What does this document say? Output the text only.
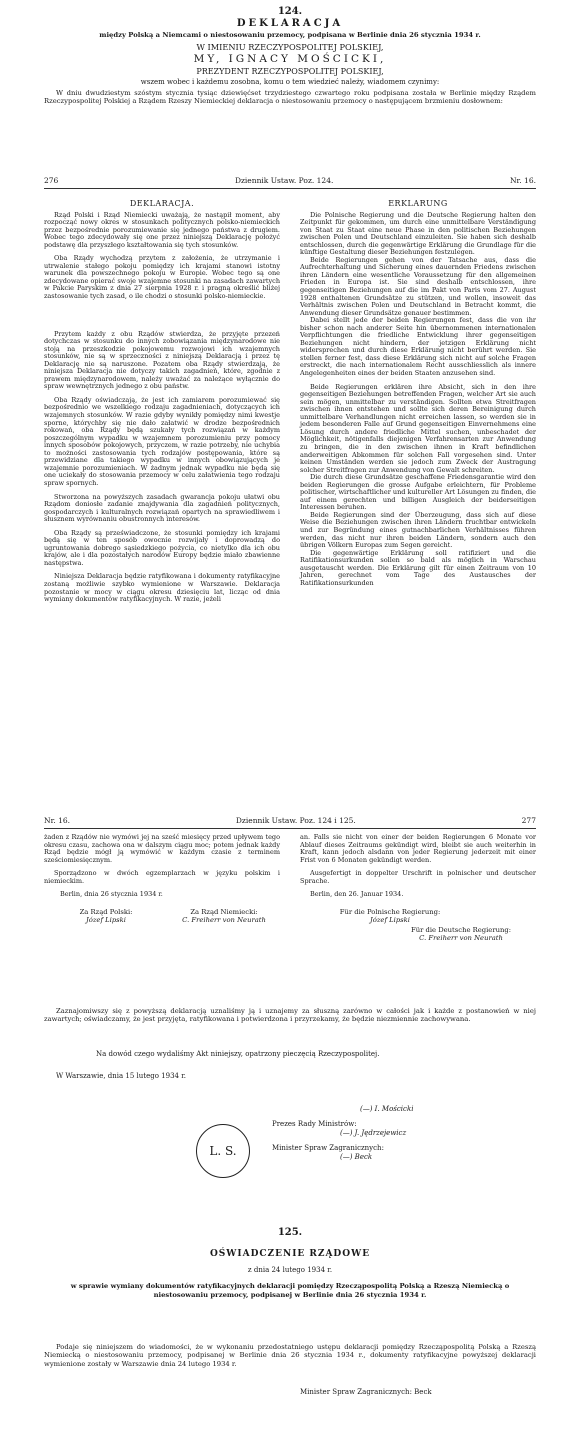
124.
DEKLARACJA
między Polską a Niemcami o niestosowaniu przemocy, podpisana w Berlinie dnia 26 stycznia 1934 r.
W IMIENIU RZECZYPOSPOLITEJ POLSKIEJ,
MY, IGNACY MOŚCICKI,
PREZYDENT RZECZYPOSPOLITEJ POLSKIEJ,
wszem wobec i każdemu zosobna, komu o tem wiedzieć należy, wiadomem czynimy:

W dniu dwudziestym szóstym stycznia tysiąc dziewięćset trzydziestego czwartego roku podpisana została w Berlinie między Rządem Rzeczypospolitej Polskiej a Rządem Rzeszy Niemieckiej deklaracja o niestosowaniu przemocy o następującem brzmieniu dosłownem:

276	Dziennik Ustaw. Poz. 124.	Nr. 16.
DEKLARACJA.

Rząd Polski i Rząd Niemiecki uważają, że nastąpił moment, aby rozpocząć nowy okres w stosunkach politycznych polsko-niemieckich przez bezpośrednie porozumiewanie się jednego państwa z drugiem. Wobec tego zdecydowały się one przez niniejszą Deklarację położyć podstawę dla przyszłego kształtowania się tych stosunków.

Oba Rządy wychodzą przytem z założenia, że utrzymanie i utrwalenie stałego pokoju pomiędzy ich krajami stanowi istotny warunek dla powszechnego pokoju w Europie. Wobec tego są one zdecydowane opierać swoje wzajemne stosunki na zasadach zawartych w Pakcie Paryskim z dnia 27 sierpnia 1928 r. i pragną określić bliżej zastosowanie tych zasad, o ile chodzi o stosunki polsko-niemieckie.

Przytem każdy z obu Rządów stwierdza, że przyjęte przezeń dotychczas w stosunku do innych zobowiązania międzynarodowe nie stoją na przeszkodzie pokojowemu rozwojowi ich wzajemnych stosunków, nie są w sprzeczności z niniejszą Deklaracją i przez tę Deklarację nie są naruszone. Pozatem oba Rządy stwierdzają, że niniejsza Deklaracja nie dotyczy takich zagadnień, które, zgodnie z prawem międzynarodowem, należy uważać za należące wyłącznie do spraw wewnętrznych jednego z obu państw.

Oba Rządy oświadczają, że jest ich zamiarem porozumiewać się bezpośrednio we wszelkiego rodzaju zagadnieniach, dotyczących ich wzajemnych stosunków. W razie gdyby wynikły pomiędzy nimi kwestje sporne, którychby się nie dało załatwić w drodze bezpośrednich rokowań, oba Rządy będą szukały tych rozwiązań w każdym poszczególnym wypadku w wzajemnem porozumieniu przy pomocy innych sposobów pokojowych, przyczem, w razie potrzeby, nie uchybia to możności zastosowania tych rodzajów postępowania, które są przewidziane dla takiego wypadku w innych obowiązujących je wzajemnie porozumieniach. W żadnym jednak wypadku nie będą się one uciekały do stosowania przemocy w celu załatwienia tego rodzaju spraw spornych.

Stworzona na powyższych zasadach gwarancja pokoju ułatwi obu Rządom doniosłe zadanie znajdywania dla zagadnień politycznych, gospodarczych i kulturalnych rozwiązań opartych na sprawiedliwem i słusznem wyrównaniu obustronnych interesów.

Oba Rządy są przeświadczone, że stosunki pomiędzy ich krajami będą się w ten sposób owocnie rozwijały i doprowadzą do ugruntowania dobrego sąsiedzkiego pożycia, co nietylko dla ich obu krajów, ale i dla pozostałych narodów Europy będzie miało zbawienne następstwa.

Niniejsza Deklaracja będzie ratyfikowana i dokumenty ratyfikacyjne zostaną możliwie szybko wymienione w Warszawie. Deklaracja pozostanie w mocy w ciągu okresu dziesięciu lat, licząc od dnia wymiany dokumentów ratyfikacyjnych. W razie, jeżeli

ERKLARUNG

Die Polnische Regierung und die Deutsche Regierung halten den Zeitpunkt für gekommen, um durch eine unmittelbare Verständigung von Staat zu Staat eine neue Phase in den politischen Beziehungen zwischen Polen und Deutschland einzuleiten. Sie haben sich deshalb entschlossen, durch die gegenwärtige Erklärung die Grundlage für die künftige Gestaltung dieser Beziehungen festzulegen.

Beide Regierungen gehen von der Tatsache aus, dass die Aufrechterhaltung und Sicherung eines dauernden Friedens zwischen ihren Ländern eine wesentliche Voraussetzung für den allgemeinen Frieden in Europa ist. Sie sind deshalb entschlossen, ihre gegenseitigen Beziehungen auf die im Pakt von Paris vom 27. August 1928 enthaltenen Grundsätze zu stützen, und wollen, insoweit das Verhältnis zwischen Polen und Deutschland in Betracht kommt, die Anwendung dieser Grundsätze genauer bestimmen.

Dabei stellt jede der beiden Regierungen fest, dass die von ihr bisher schon nach anderer Seite hin übernommenen internationalen Verpflichtungen die friedliche Entwicklung ihrer gegenseitigen Beziehungen nicht hindern, der jetzigen Erklärung nicht widersprechen und durch diese Erklärung nicht berührt werden. Sie stellen ferner fest, dass diese Erklärung sich nicht auf solche Fragen erstreckt, die nach internationalem Recht ausschliesslich als innere Angelegenheiten eines der beiden Staaten anzusehen sind.

Beide Regierungen erklären ihre Absicht, sich in den ihre gegenseitigen Beziehungen betreffenden Fragen, welcher Art sie auch sein mögen, unmittelbar zu verständigen. Sollten etwa Streitfragen zwischen ihnen entstehen und sollte sich deren Bereinigung durch unmittelbare Verhandlungen nicht erreichen lassen, so werden sie in jedem besonderen Falle auf Grund gegenseitigen Einvernehmens eine Lösung durch andere friedliche Mittel suchen, unbeschadet der Möglichkeit, nötigenfalls diejenigen Verfahrensarten zur Anwendung zu bringen, die in den zwischen ihnen in Kraft befindlichen anderweitigen Abkommen für solchen Fall vorgesehen sind. Unter keinen Umständen werden sie jedoch zum Zweck der Austragung solcher Streitfragen zur Anwendung von Gewalt schreiten.

Die durch diese Grundsätze geschaffene Friedensgarantie wird den beiden Regierungen die grosse Aufgabe erleichtern, für Probleme politischer, wirtschaftlicher und kultureller Art Lösungen zu finden, die auf einem gerechten und billigen Ausgleich der beiderseitigen Interessen beruhen.

Beide Regierungen sind der Überzeugung, dass sich auf diese Weise die Beziehungen zwischen ihren Ländern fruchtbar entwickeln und zur Begründung eines gutnachbarlichen Verhältnisses führen werden, das nicht nur ihren beiden Ländern, sondern auch den übrigen Völkern Europas zum Segen gereicht.

Die gegenwärtige Erklärung soll ratifiziert und die Ratifikationsurkunden sollen so bald als möglich in Warschau ausgetauscht werden. Die Erklärung gilt für einen Zeitraum von 10 Jahren, gerechnet vom Tage des Austausches der Ratifikationsurkunden

Nr. 16.	Dziennik Ustaw. Poz. 124 i 125.	277

żaden z Rządów nie wymówi jej na sześć miesięcy przed upływem tego okresu czasu, zachowa ona w dalszym ciągu moc; potem jednak każdy Rząd będzie mógł ją wymówić w każdym czasie z terminem sześciomiesięcznym.

Sporządzono w dwóch egzemplarzach w języku polskim i niemieckim.

Berlin, dnia 26 stycznia 1934 r.

Za Rząd Polski:
Józef Lipski
Za Rząd Niemiecki:
C. Freiherr von Neurath

an. Falls sie nicht von einer der beiden Regierungen 6 Monate vor Ablauf dieses Zeitraums gekündigt wird, bleibt sie auch weiterhin in Kraft, kann jedoch alsdann von jeder Regierung jederzeit mit einer Frist von 6 Monaten gekündigt werden.

Ausgefertigt in doppelter Urschrift in polnischer und deutscher Sprache.

Berlin, den 26. Januar 1934.

Für die Polnische Regierung:
Józef Lipski
Für die Deutsche Regierung:
C. Freiherr von Neurath

Zaznajomiwszy się z powyższą deklaracją uznaliśmy ją i uznajemy za słuszną zarówno w całości jak i każde z postanowień w niej zawartych; oświadczamy, że jest przyjęta, ratyfikowana i potwierdzona i przyrzekamy, że będzie niezmiennie zachowywana.

Na dowód czego wydaliśmy Akt niniejszy, opatrzony pieczęcią Rzeczypospolitej.

W Warszawie, dnia 15 lutego 1934 r.

(—) I. Mościcki
L. S.
Prezes Rady Ministrów:
(—) J. Jędrzejewicz
Minister Spraw Zagranicznych:
(—) Beck
125.
OŚWIADCZENIE RZĄDOWE
z dnia 24 lutego 1934 r.
w sprawie wymiany dokumentów ratyfikacyjnych deklaracji pomiędzy Rzecząpospolitą Polską a Rzeszą Niemiecką o niestosowaniu przemocy, podpisanej w Berlinie dnia 26 stycznia 1934 r.

Podaje się niniejszem do wiadomości, że w wykonaniu przedostatniego ustępu deklaracji pomiędzy Rzecząpospolitą Polską a Rzeszą Niemiecką o niestosowaniu przemocy, podpisanej w Berlinie dnia 26 stycznia 1934 r., dokumenty ratyfikacyjne powyższej deklaracji wymienione zostały w Warszawie dnia 24 lutego 1934 r.

Minister Spraw Zagranicznych: Beck
